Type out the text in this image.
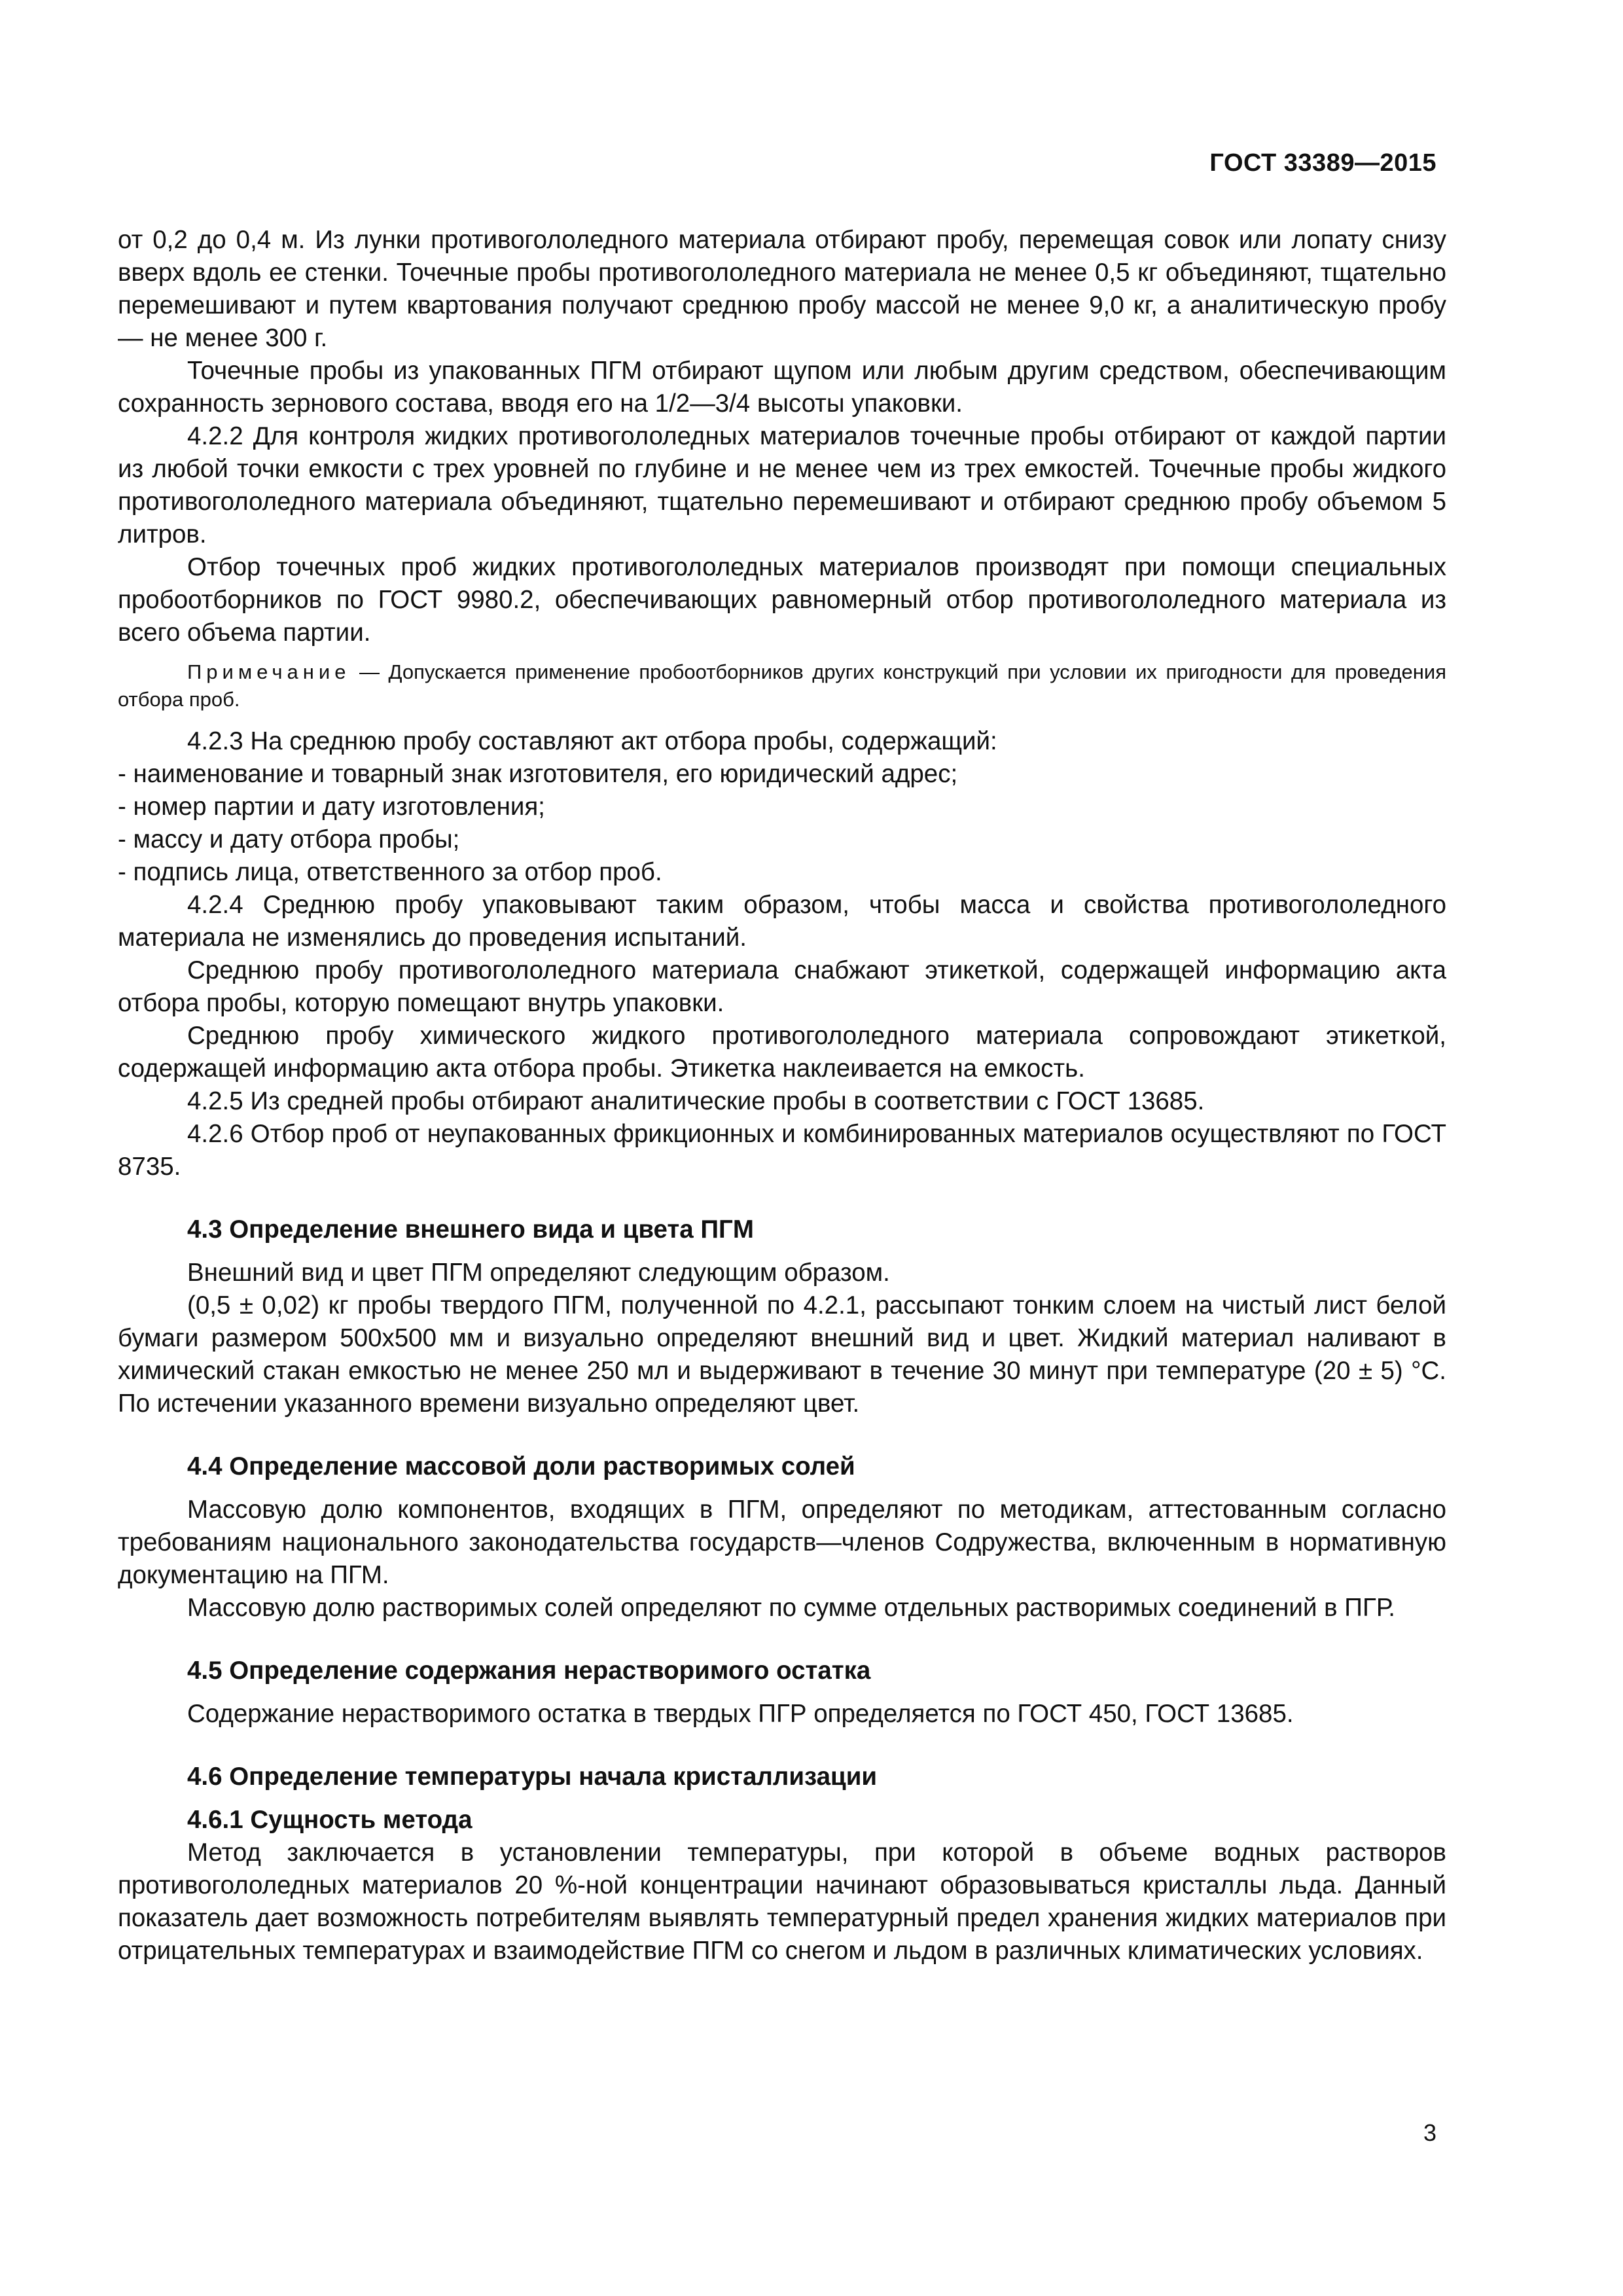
ГОСТ 33389—2015

от 0,2 до 0,4 м. Из лунки противогололедного материала отбирают пробу, перемещая совок или лопату снизу вверх вдоль ее стенки. Точечные пробы противогололедного материала не менее 0,5 кг объединяют, тщательно перемешивают и путем квартования получают среднюю пробу массой не менее 9,0 кг, а аналитическую пробу — не менее 300 г.

Точечные пробы из упакованных ПГМ отбирают щупом или любым другим средством, обеспечивающим сохранность зернового состава, вводя его на 1/2—3/4 высоты упаковки.

4.2.2 Для контроля жидких противогололедных материалов точечные пробы отбирают от каждой партии из любой точки емкости с трех уровней по глубине и не менее чем из трех емкостей. Точечные пробы жидкого противогололедного материала объединяют, тщательно перемешивают и отбирают среднюю пробу объемом 5 литров.

Отбор точечных проб жидких противогололедных материалов производят при помощи специальных пробоотборников по ГОСТ 9980.2, обеспечивающих равномерный отбор противогололедного материала из всего объема партии.

Примечание — Допускается применение пробоотборников других конструкций при условии их пригодности для проведения отбора проб.

4.2.3 На среднюю пробу составляют акт отбора пробы, содержащий:

- наименование и товарный знак изготовителя, его юридический адрес;

- номер партии и дату изготовления;

- массу и дату отбора пробы;

- подпись лица, ответственного за отбор проб.

4.2.4 Среднюю пробу упаковывают таким образом, чтобы масса и свойства противогололедного материала не изменялись до проведения испытаний.

Среднюю пробу противогололедного материала снабжают этикеткой, содержащей информацию акта отбора пробы, которую помещают внутрь упаковки.

Среднюю пробу химического жидкого противогололедного материала сопровождают этикеткой, содержащей информацию акта отбора пробы. Этикетка наклеивается на емкость.

4.2.5 Из средней пробы отбирают аналитические пробы в соответствии с ГОСТ 13685.

4.2.6 Отбор проб от неупакованных фрикционных и комбинированных материалов осуществляют по ГОСТ 8735.

4.3 Определение внешнего вида и цвета ПГМ

Внешний вид и цвет ПГМ определяют следующим образом.

(0,5 ± 0,02) кг пробы твердого ПГМ, полученной по 4.2.1, рассыпают тонким слоем на чистый лист белой бумаги размером 500x500 мм и визуально определяют внешний вид и цвет. Жидкий материал наливают в химический стакан емкостью не менее 250 мл и выдерживают в течение 30 минут при температуре (20 ± 5) °С. По истечении указанного времени визуально определяют цвет.

4.4 Определение массовой доли растворимых солей

Массовую долю компонентов, входящих в ПГМ, определяют по методикам, аттестованным согласно требованиям национального законодательства государств—членов Содружества, включенным в нормативную документацию на ПГМ.

Массовую долю растворимых солей определяют по сумме отдельных растворимых соединений в ПГР.

4.5 Определение содержания нерастворимого остатка

Содержание нерастворимого остатка в твердых ПГР определяется по ГОСТ 450, ГОСТ 13685.

4.6 Определение температуры начала кристаллизации
4.6.1 Сущность метода

Метод заключается в установлении температуры, при которой в объеме водных растворов противогололедных материалов 20 %-ной концентрации начинают образовываться кристаллы льда. Данный показатель дает возможность потребителям выявлять температурный предел хранения жидких материалов при отрицательных температурах и взаимодействие ПГМ со снегом и льдом в различных климатических условиях.

3
